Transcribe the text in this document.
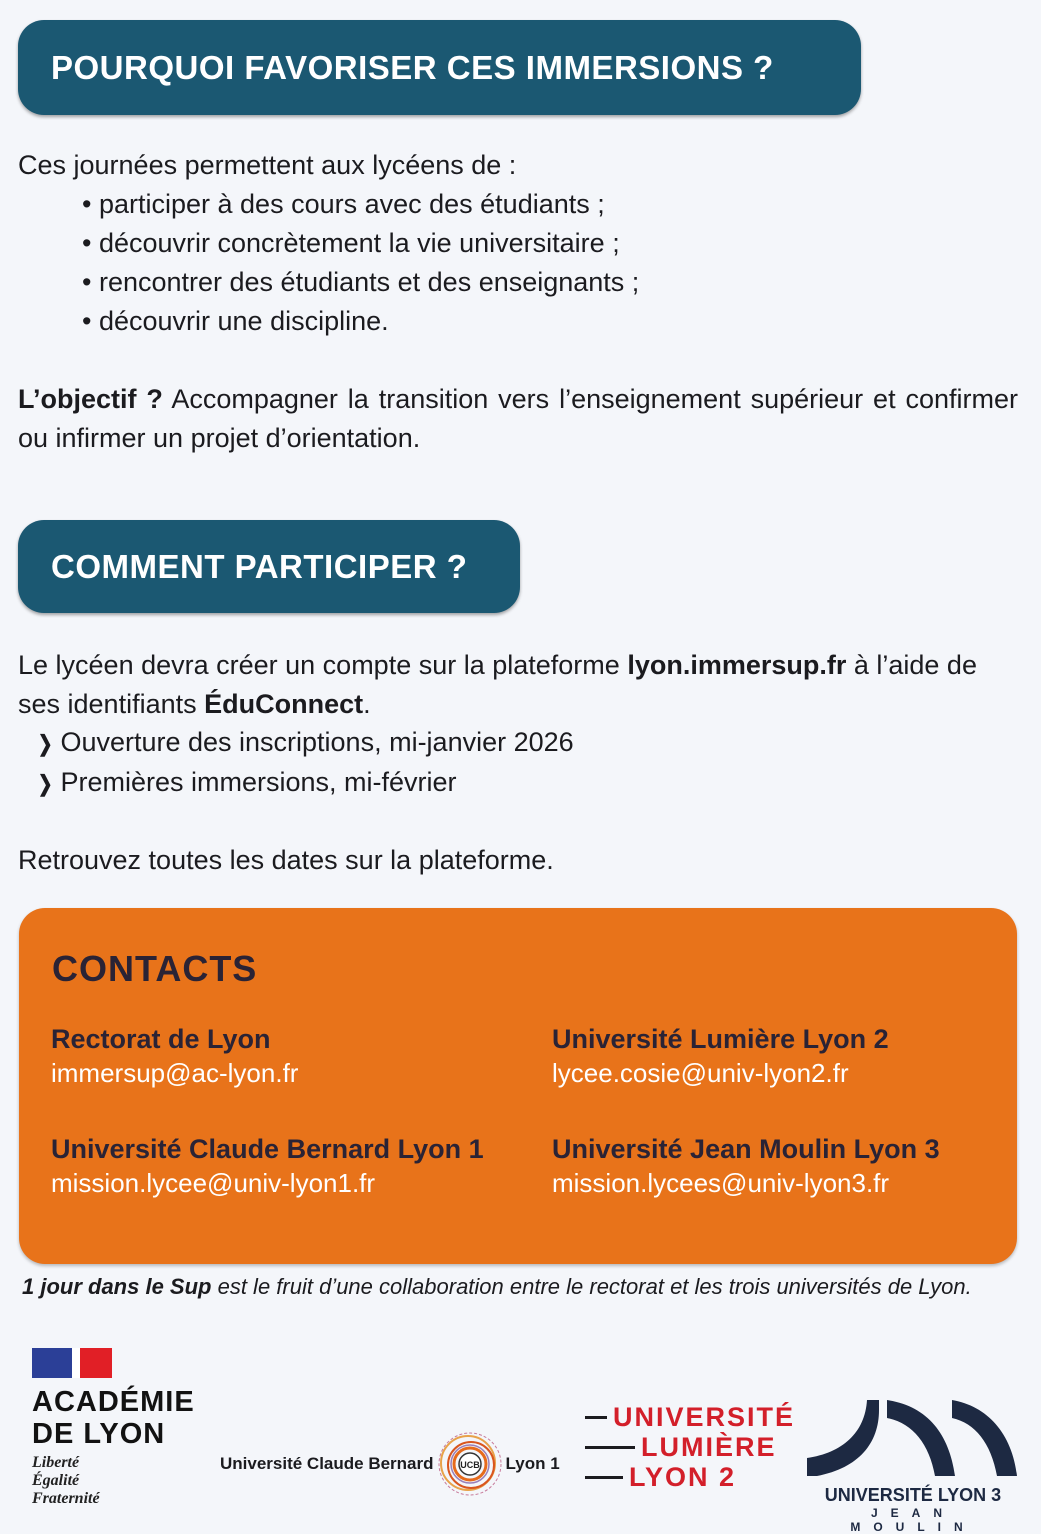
POURQUOI FAVORISER CES IMMERSIONS ?
Ces journées permettent aux lycéens de :
• participer à des cours avec des étudiants ;
• découvrir concrètement la vie universitaire ;
• rencontrer des étudiants et des enseignants ;
• découvrir une discipline.
L’objectif ? Accompagner la transition vers l’enseignement supérieur et confirmer ou infirmer un projet d’orientation.
COMMENT PARTICIPER ?
Le lycéen devra créer un compte sur la plateforme lyon.immersup.fr à l’aide de ses identifiants ÉduConnect.
❯ Ouverture des inscriptions, mi-janvier 2026
❯ Premières immersions, mi-février
Retrouvez toutes les dates sur la plateforme.
CONTACTS
Rectorat de Lyon
immersup@ac-lyon.fr
Université Lumière Lyon 2
lycee.cosie@univ-lyon2.fr
Université Claude Bernard Lyon 1
mission.lycee@univ-lyon1.fr
Université Jean Moulin Lyon 3
mission.lycees@univ-lyon3.fr
1 jour dans le Sup est le fruit d’une collaboration entre le rectorat et les trois universités de Lyon.
ACADÉMIE
DE LYON
Liberté
Égalité
Fraternité
Université Claude Bernard	UCB Lyon 1
UNIVERSITÉ
LUMIÈRE
LYON 2
UNIVERSITÉ LYON 3
JEAN MOULIN
